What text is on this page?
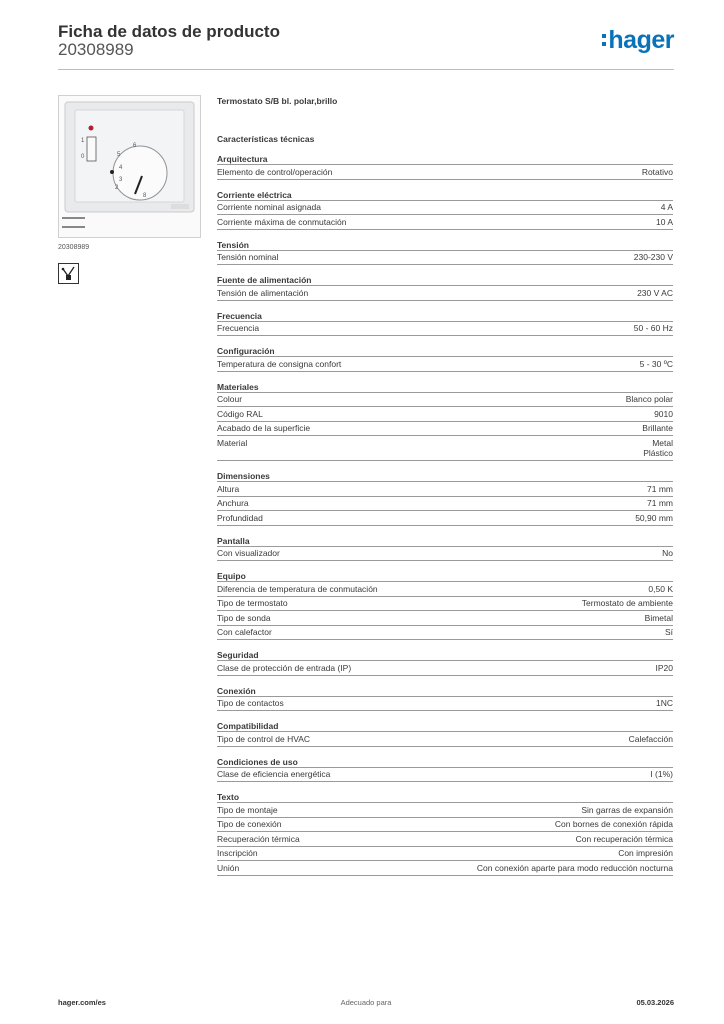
Ficha de datos de producto
20308989	hager
5
4
3
2
6
8
1
0
20308989
Termostato S/B bl. polar,brillo
Características técnicas
Arquitectura
Elemento de control/operación	Rotativo
Corriente eléctrica
Corriente nominal asignada	4 A
Corriente máxima de conmutación	10 A
Tensión
Tensión nominal	230-230 V
Fuente de alimentación
Tensión de alimentación	230 V AC
Frecuencia
Frecuencia	50 - 60 Hz
Configuración
Temperatura de consigna confort	5 - 30 ºC
Materiales
Colour	Blanco polar
Código RAL	9010
Acabado de la superficie	Brillante
Material	Metal
Plástico
Dimensiones
Altura	71 mm
Anchura	71 mm
Profundidad	50,90 mm
Pantalla
Con visualizador	No
Equipo
Diferencia de temperatura de conmutación	0,50 K
Tipo de termostato	Termostato de ambiente
Tipo de sonda	Bimetal
Con calefactor	Sí
Seguridad
Clase de protección de entrada (IP)	IP20
Conexión
Tipo de contactos	1NC
Compatibilidad
Tipo de control de HVAC	Calefacción
Condiciones de uso
Clase de eficiencia energética	I (1%)
Texto
Tipo de montaje	Sin garras de expansión
Tipo de conexión	Con bornes de conexión rápida
Recuperación térmica	Con recuperación térmica
Inscripción	Con impresión
Unión	Con conexión aparte para modo reducción nocturna
hager.com/es	Adecuado para	05.03.2026
